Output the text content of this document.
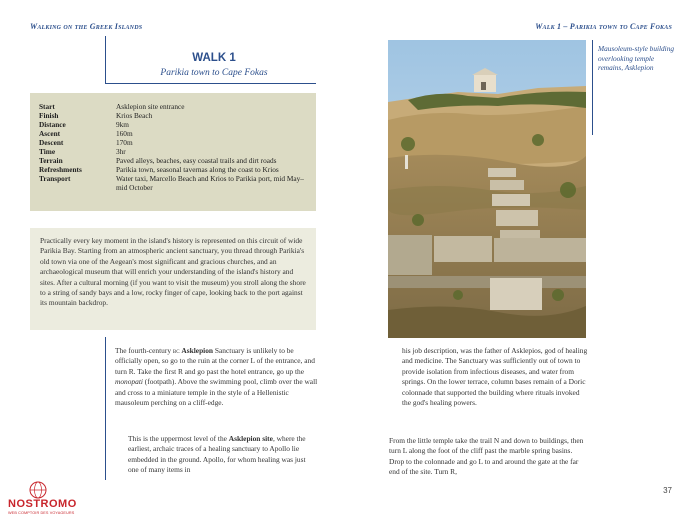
Walking on the Greek Islands
WALK 1
Parikia town to Cape Fokas
Start	Asklepion site entrance
Finish	Krios Beach
Distance	9km
Ascent	160m
Descent	170m
Time	3hr
Terrain	Paved alleys, beaches, easy coastal trails and dirt roads
Refreshments	Parikia town, seasonal tavernas along the coast to Krios
Transport	Water taxi, Marcello Beach and Krios to Parikia port, mid May–mid October

Practically every key moment in the island's history is represented on this circuit of wide Parikia Bay. Starting from an atmospheric ancient sanctuary, you thread through Parikia's old town via one of the Aegean's most significant and gracious churches, and an archaeological museum that will enrich your understanding of the island's history and sites. After a cultural morning (if you want to visit the museum) you stroll along the shore to a string of sandy bays and a low, rocky finger of cape, looking back to the port against its mountain backdrop.

The fourth-century bc Asklepion Sanctuary is unlikely to be officially open, so go to the ruin at the corner L of the entrance, and turn R. Take the first R and go past the hotel entrance, go up the monopati (footpath). Above the swimming pool, climb over the wall and cross to a miniature temple in the style of a Hellenistic mausoleum perching on a cliff-edge.

This is the uppermost level of the Asklepion site, where the earliest, archaic traces of a healing sanctuary to Apollo lie embedded in the ground. Apollo, for whom healing was just one of many items in

Walk 1 – Parikia town to Cape Fokas
Mausoleum-style building overlooking temple remains, Asklepion

his job description, was the father of Asklepios, god of healing and medicine. The Sanctuary was sufficiently out of town to provide isolation from infectious diseases, and water from springs. On the lower terrace, column bases remain of a Doric colonnade that supported the building where rituals invoked the god's healing powers.

From the little temple take the trail N and down to buildings, then turn L along the foot of the cliff past the marble spring basins. Drop to the colonnade and go L to and around the gate at the far end of the site. Turn R,

37
NOSTROMO
WEB COMPTOIR DES VOYAGEURS
